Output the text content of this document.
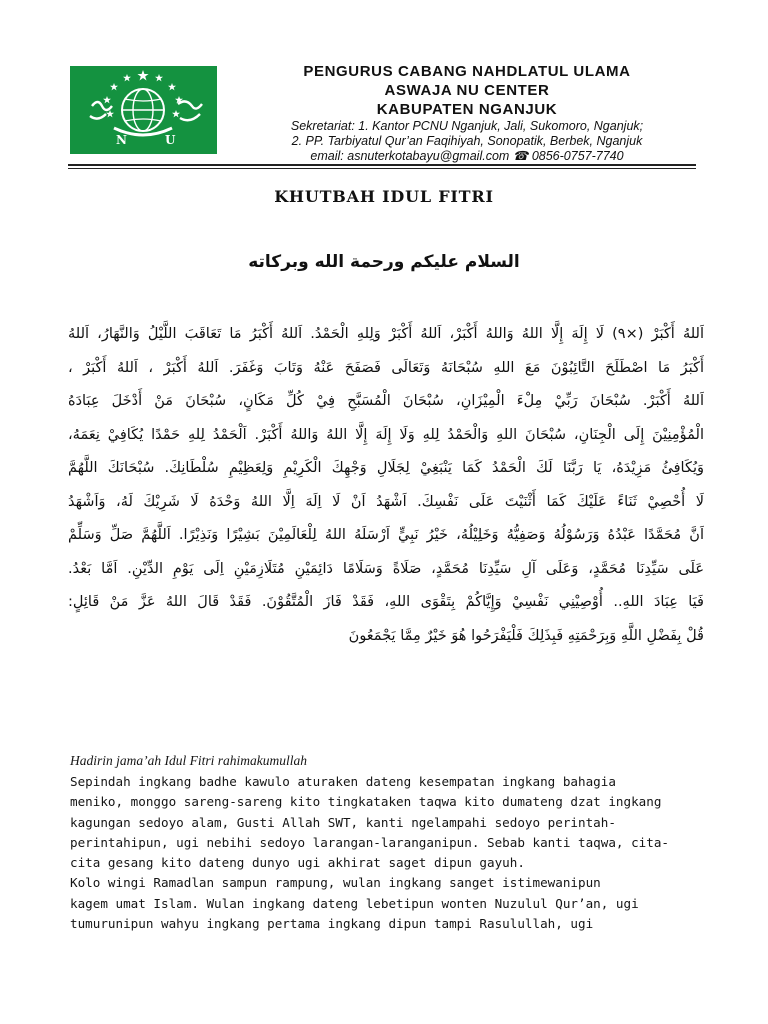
N	U
PENGURUS CABANG NAHDLATUL ULAMA
ASWAJA NU CENTER
KABUPATEN NGANJUK
Sekretariat: 1. Kantor PCNU Nganjuk, Jali, Sukomoro, Nganjuk;
2. PP. Tarbiyatul Qur’an Faqihiyah, Sonopatik, Berbek, Nganjuk
email: asnuterkotabayu@gmail.com ☎ 0856-0757-7740
KHUTBAH IDUL FITRI
السلام عليكم ورحمة الله وبركاته
اَللهُ أَكْبَرْ (×٩) لَا إِلَهَ إِلَّا اللهُ وَاللهُ أَكْبَرْ، اَللهُ أَكْبَرْ وَلِلهِ الْحَمْدُ. اَللهُ أَكْبَرُ مَا تَعَاقَبَ اللَّيْلُ وَالنَّهَارُ، اَللهُ
أَكْبَرُ مَا اصْطَلَحَ التَّائِبُوْنَ مَعَ اللهِ سُبْحَانَهُ وَتَعَالَى فَصَفَحَ عَنْهُ وَتَابَ وَغَفَرَ. اَللهُ أَكْبَرْ ، اَللهُ أَكْبَرْ ،
اَللهُ أَكْبَرْ. سُبْحَانَ رَبِّيْ مِلْءَ الْمِيْزَانِ، سُبْحَانَ الْمُسَبَّحِ فِيْ كُلِّ مَكَانٍ، سُبْحَانَ مَنْ أَدْخَلَ عِبَادَهُ
الْمُؤْمِنِيْنَ إِلَى الْجِنَانِ، سُبْحَانَ اللهِ وَالْحَمْدُ لِلهِ وَلَا إِلَهَ إِلَّا اللهُ وَاللهُ أَكْبَرْ. اَلْحَمْدُ لِلهِ حَمْدًا يُكَافِيْ نِعَمَهُ،
وَيُكَافِئُ مَزِيْدَهُ، يَا رَبَّنَا لَكَ الْحَمْدُ كَمَا يَنْبَغِيْ لِجَلَالِ وَجْهِكَ الْكَرِيْمِ وَلِعَظِيْمِ سُلْطَانِكَ. سُبْحَانَكَ اللَّهُمَّ
لَا أُحْصِيْ ثَنَاءً عَلَيْكَ كَمَا أَثْنَيْتَ عَلَى نَفْسِكَ. اَشْهَدُ اَنْ لَا اِلَهَ اِلَّا اللهُ وَحْدَهُ لَا شَرِيْكَ لَهُ، وَاَشْهَدُ
اَنَّ مُحَمَّدًا عَبْدُهُ وَرَسُوْلُهُ وَصَفِيُّهُ وَخَلِيْلُهُ، خَيْرُ نَبِيٍّ اَرْسَلَهُ اللهُ لِلْعَالَمِيْنَ بَشِيْرًا وَنَذِيْرًا. اَللَّهُمَّ صَلِّ وَسَلِّمْ
عَلَى سَيِّدِنَا مُحَمَّدٍ، وَعَلَى آلِ سَيِّدِنَا مُحَمَّدٍ، صَلَاةً وَسَلَامًا دَائِمَيْنِ مُتَلَازِمَيْنِ اِلَى يَوْمِ الدِّيْنِ. اَمَّا بَعْدُ.
فَيَا عِبَادَ اللهِ.. أُوْصِيْنِي نَفْسِيْ وَإِيَّاكُمْ بِتَقْوَى اللهِ، فَقَدْ فَازَ الْمُتَّقُوْنَ. فَقَدْ قَالَ اللهُ عَزَّ مَنْ قَائِلٍ:
قُلْ بِفَضْلِ اللَّهِ وَبِرَحْمَتِهِ فَبِذَلِكَ فَلْيَفْرَحُوا هُوَ خَيْرٌ مِمَّا يَجْمَعُونَ
Hadirin jama’ah Idul Fitri rahimakumullah
Sepindah ingkang badhe kawulo aturaken dateng kesempatan ingkang bahagia
meniko, monggo sareng-sareng kito tingkataken taqwa kito dumateng dzat ingkang
kagungan sedoyo alam, Gusti Allah SWT, kanti ngelampahi sedoyo perintah-
perintahipun, ugi nebihi sedoyo larangan-laranganipun. Sebab kanti taqwa, cita-
cita gesang kito dateng dunyo ugi akhirat saget dipun gayuh.
Kolo wingi Ramadlan sampun rampung, wulan ingkang sanget istimewanipun
kagem umat Islam. Wulan ingkang dateng lebetipun wonten Nuzulul Qur’an, ugi
tumurunipun wahyu ingkang pertama ingkang dipun tampi Rasulullah, ugi
